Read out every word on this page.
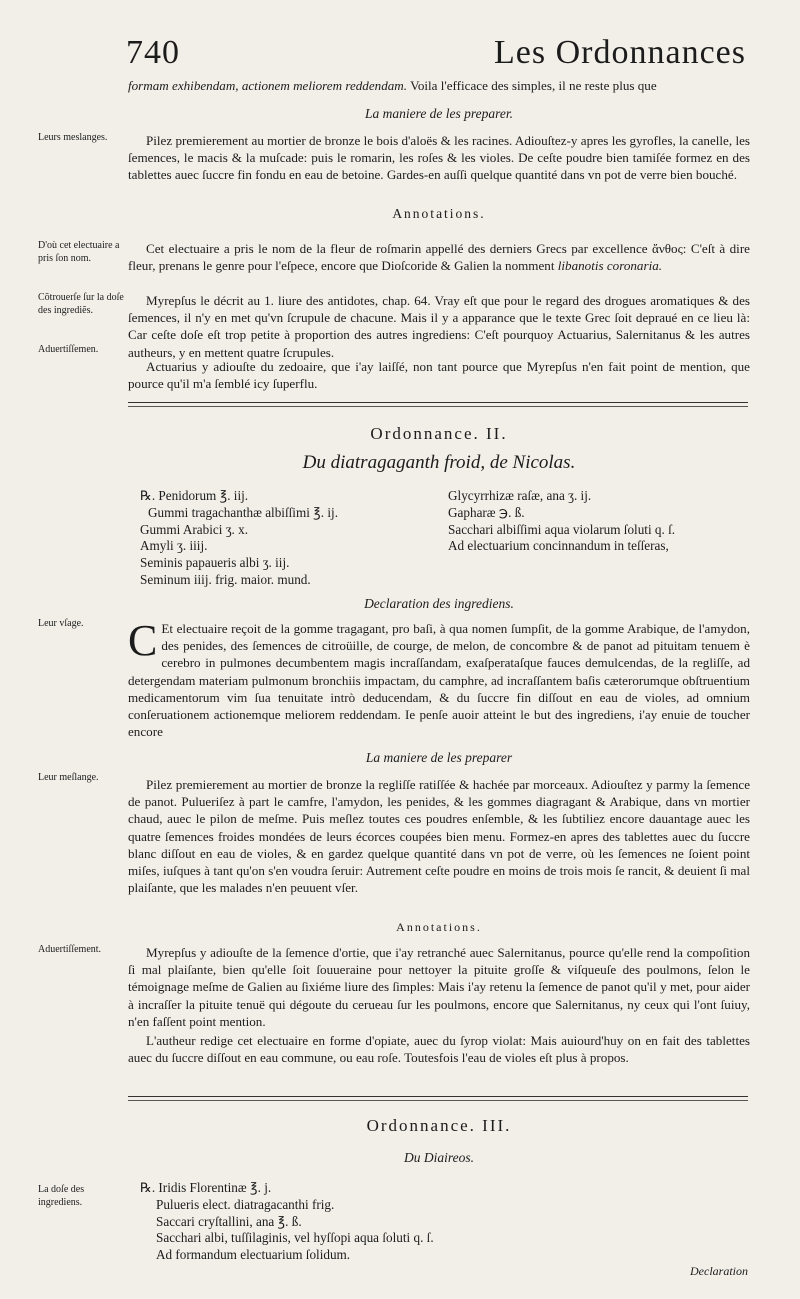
740	Les Ordonnances
formam exhibendam, actionem meliorem reddendam. Voila l'efficace des simples, il ne reste plus que
La maniere de les preparer.
Leurs meslanges.	Pilez premierement au mortier de bronze le bois d'aloës & les racines. Adiouſtez-y apres les gyrofles, la canelle, les ſemences, le macis & la muſcade: puis le romarin, les roſes & les violes. De ceſte poudre bien tamiſée formez en des tablettes auec ſuccre fin fondu en eau de betoine. Gardes-en auſſi quelque quantité dans vn pot de verre bien bouché.
Annotations.
D'où cet electuaire a pris ſon nom.
Cõtrouerſe ſur la doſe des ingrediẽs.
Aduertiſſemen.
Cet electuaire a pris le nom de la fleur de roſmarin appellé des derniers Grecs par excellence ἄνθος: C'eſt à dire fleur, prenans le genre pour l'eſpece, encore que Dioſcoride & Galien la nomment libanotis coronaria.
Myrepſus le décrit au 1. liure des antidotes, chap. 64. Vray eſt que pour le regard des drogues aromatiques & des ſemences, il n'y en met qu'vn ſcrupule de chacune. Mais il y a apparance que le texte Grec ſoit depraué en ce lieu là: Car ceſte doſe eſt trop petite à proportion des autres ingrediens: C'eſt pourquoy Actuarius, Salernitanus & les autres autheurs, y en mettent quatre ſcrupules.
Actuarius y adiouſte du zedoaire, que i'ay laiſſé, non tant pource que Myrepſus n'en fait point de mention, que pource qu'il m'a ſemblé icy ſuperflu.
Ordonnance. II.
Du diatragaganth froid, de Nicolas.
℞. Penidorum ℥. iij.
Gummi tragachanthæ albiſſimi ℥. ij.
Gummi Arabici ʒ. x.
Amyli ʒ. iiij.
Seminis papaueris albi ʒ. iij.
Seminum iiij. frig. maior. mund.
Glycyrrhizæ raſæ, ana ʒ. ij.
Gapharæ ℈. ß.
Sacchari albiſſimi aqua violarum ſoluti q. ſ.
Ad electuarium concinnandum in teſſeras,
Declaration des ingrediens.
Leur vſage.	C Et electuaire reçoit de la gomme tragagant, pro baſi, à qua nomen ſumpſit, de la gomme Arabique, de l'amydon, des penides, des ſemences de citroüille, de courge, de melon, de concombre & de panot ad pituitam tenuem è cerebro in pulmones decumbentem magis incraſſandam, exaſperataſque fauces demulcendas, de la regliſſe, ad detergendam materiam pulmonum bronchiis impactam, du camphre, ad incraſſantem baſis cæterorumque obſtruentium medicamentorum vim ſua tenuitate intrò deducendam, & du ſuccre fin diſſout en eau de violes, ad omnium conſeruationem actionemque meliorem reddendam. Ie penſe auoir atteint le but des ingrediens, i'ay enuie de toucher encore
La maniere de les preparer
Leur meſlange.	Pilez premierement au mortier de bronze la regliſſe ratiſſée & hachée par morceaux. Adiouſtez y parmy la ſemence de panot. Pulueriſez à part le camfre, l'amydon, les penides, & les gommes diagragant & Arabique, dans vn mortier chaud, auec le pilon de meſme. Puis meſlez toutes ces poudres enſemble, & les ſubtiliez encore dauantage auec les quatre ſemences froides mondées de leurs écorces coupées bien menu. Formez-en apres des tablettes auec du ſuccre blanc diſſout en eau de violes, & en gardez quelque quantité dans vn pot de verre, où les ſemences ne ſoient point miſes, iuſques à tant qu'on s'en voudra ſeruir: Autrement ceſte poudre en moins de trois mois ſe rancit, & deuient ſi mal plaiſante, que les malades n'en peuuent vſer.
Annotations.
Aduertiſſement.	Myrepſus y adiouſte de la ſemence d'ortie, que i'ay retranché auec Salernitanus, pource qu'elle rend la compoſition ſi mal plaiſante, bien qu'elle ſoit ſouueraine pour nettoyer la pituite groſſe & viſqueuſe des poulmons, ſelon le témoignage meſme de Galien au ſixiéme liure des ſimples: Mais i'ay retenu la ſemence de panot qu'il y met, pour aider à incraſſer la pituite tenuë qui dégoute du cerueau ſur les poulmons, encore que Salernitanus, ny ceux qui l'ont ſuiuy, n'en faſſent point mention.
L'autheur redige cet electuaire en forme d'opiate, auec du ſyrop violat: Mais auiourd'huy on en fait des tablettes auec du ſuccre diſſout en eau commune, ou eau roſe. Toutesfois l'eau de violes eſt plus à propos.
Ordonnance. III.
Du Diaireos.
La doſe des ingrediens.
℞. Iridis Florentinæ ℥. j.
Pulueris elect. diatragacanthi frig.
Saccari cryſtallini, ana ℥. ß.
Sacchari albi, tuſſilaginis, vel hyſſopi aqua ſoluti q. ſ.
Ad formandum electuarium ſolidum.
Declaration
